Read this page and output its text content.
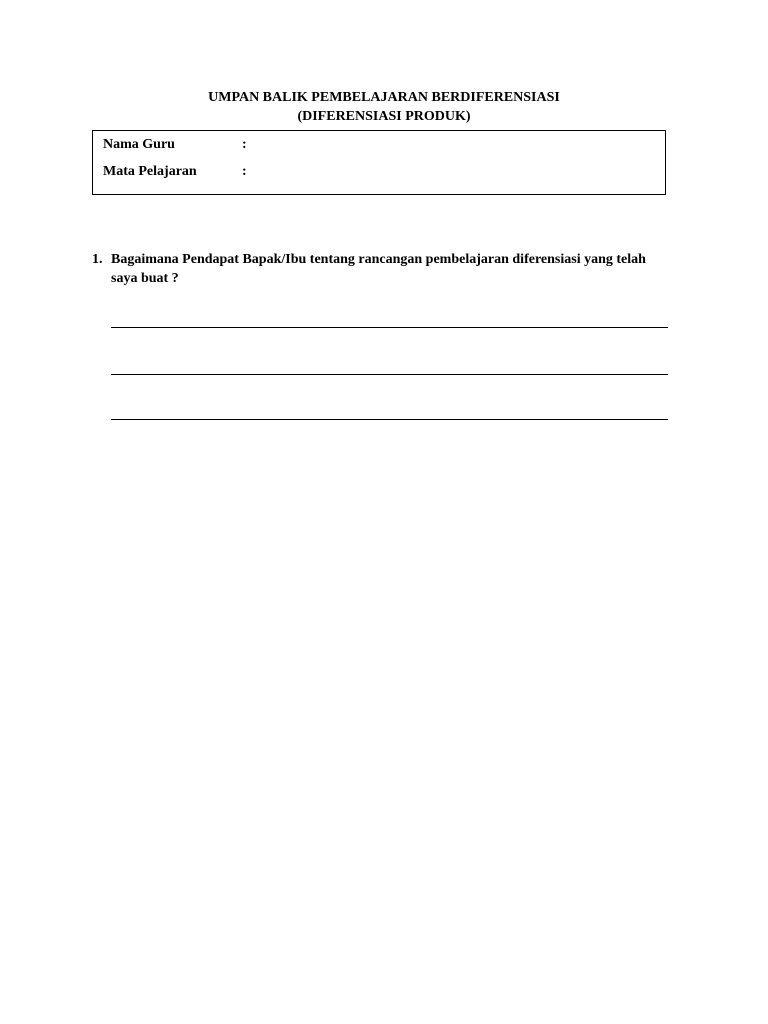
UMPAN BALIK PEMBELAJARAN BERDIFERENSIASI
(DIFERENSIASI PRODUK)
Nama Guru	:
Mata Pelajaran	:
1. Bagaimana Pendapat Bapak/Ibu tentang rancangan pembelajaran diferensiasi yang telah saya buat ?
